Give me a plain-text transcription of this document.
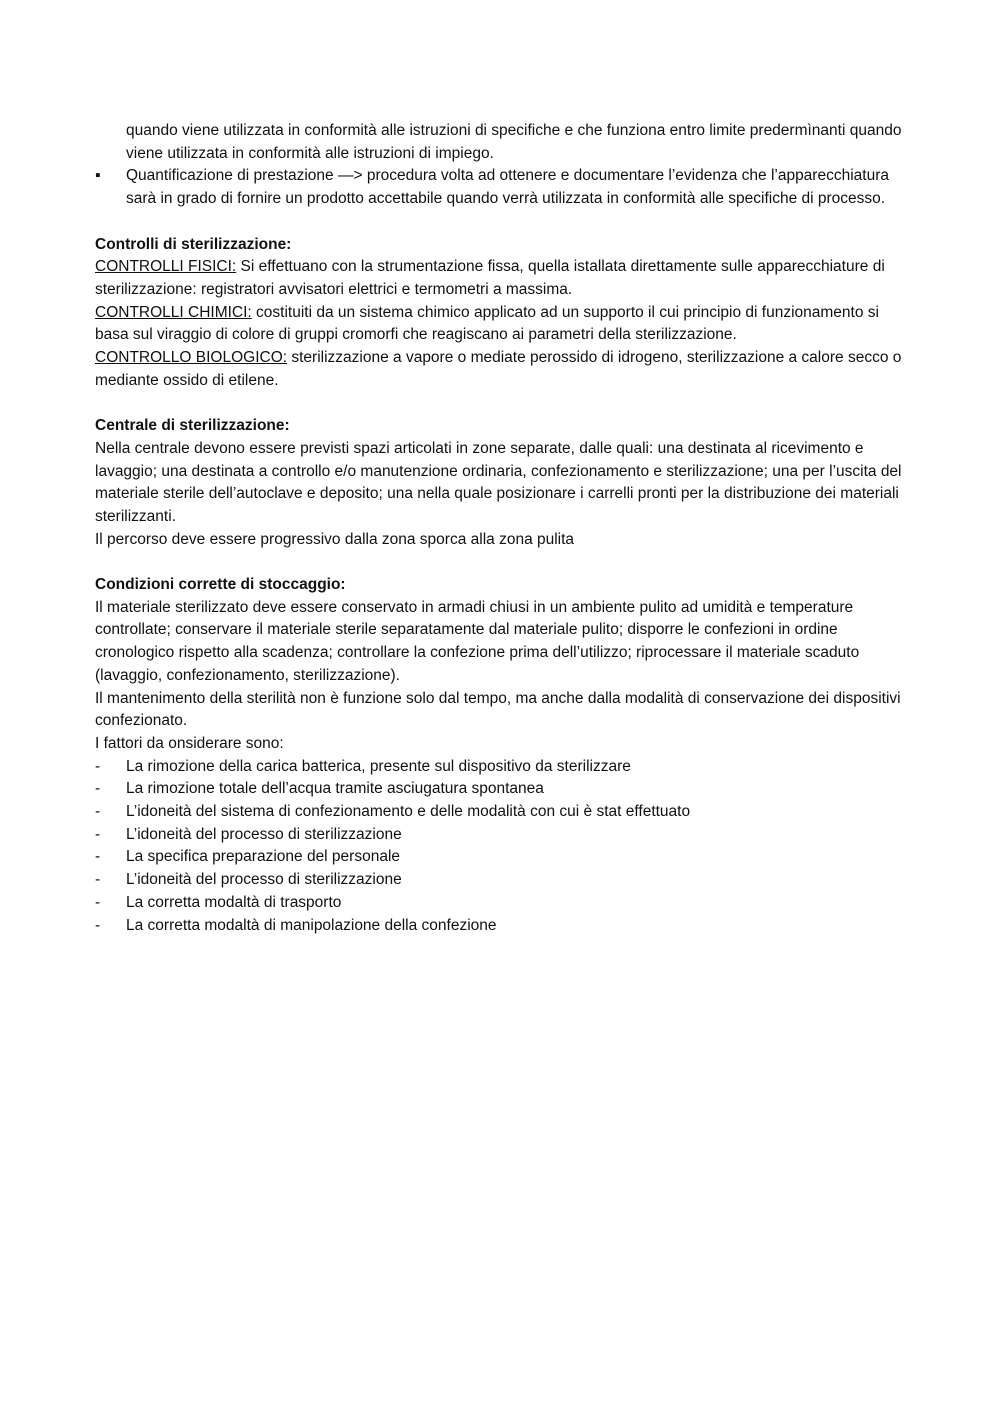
quando viene utilizzata in conformità alle istruzioni di specifiche e che funziona entro limite predermìnanti quando viene utilizzata in conformità alle istruzioni di impiego.

▪ Quantificazione di prestazione —> procedura volta ad ottenere e documentare l’evidenza che l’apparecchiatura sarà in grado di fornire un prodotto accettabile quando verrà utilizzata in conformità alle specifiche di processo.

Controlli di sterilizzazione:

CONTROLLI FISICI: Si effettuano con la strumentazione fissa, quella istallata direttamente sulle apparecchiature di sterilizzazione: registratori avvisatori elettrici e termometri a massima.

CONTROLLI CHIMICI: costituiti da un sistema chimico applicato ad un supporto il cui principio di funzionamento si basa sul viraggio di colore di gruppi cromorfi che reagiscano ai parametri della sterilizzazione.

CONTROLLO BIOLOGICO: sterilizzazione a vapore o mediate perossido di idrogeno, sterilizzazione a calore secco o mediante ossido di etilene.

Centrale di sterilizzazione:

Nella centrale devono essere previsti spazi articolati in zone separate, dalle quali: una destinata al ricevimento e lavaggio; una destinata a controllo e/o manutenzione ordinaria, confezionamento e sterilizzazione; una per l’uscita del materiale sterile dell’autoclave e deposito; una nella quale posizionare i carrelli pronti per la distribuzione dei materiali sterilizzanti.

Il percorso deve essere progressivo dalla zona sporca alla zona pulita

Condizioni corrette di stoccaggio:

Il materiale sterilizzato deve essere conservato in armadi chiusi in un ambiente pulito ad umidità e temperature controllate; conservare il materiale sterile separatamente dal materiale pulito; disporre le confezioni in ordine cronologico rispetto alla scadenza; controllare la confezione prima dell’utilizzo; riprocessare il materiale scaduto (lavaggio, confezionamento, sterilizzazione).

Il mantenimento della sterilità non è funzione solo dal tempo, ma anche dalla modalità di conservazione dei dispositivi confezionato.

I fattori da onsiderare sono:

- La rimozione della carica batterica, presente sul dispositivo da sterilizzare
- La rimozione totale dell’acqua tramite asciugatura spontanea
- L’idoneità del sistema di confezionamento e delle modalità con cui è stat effettuato
- L’idoneità del processo di sterilizzazione
- La specifica preparazione del personale
- L’idoneità del processo di sterilizzazione
- La corretta modaltà di trasporto
- La corretta modaltà di manipolazione della confezione
